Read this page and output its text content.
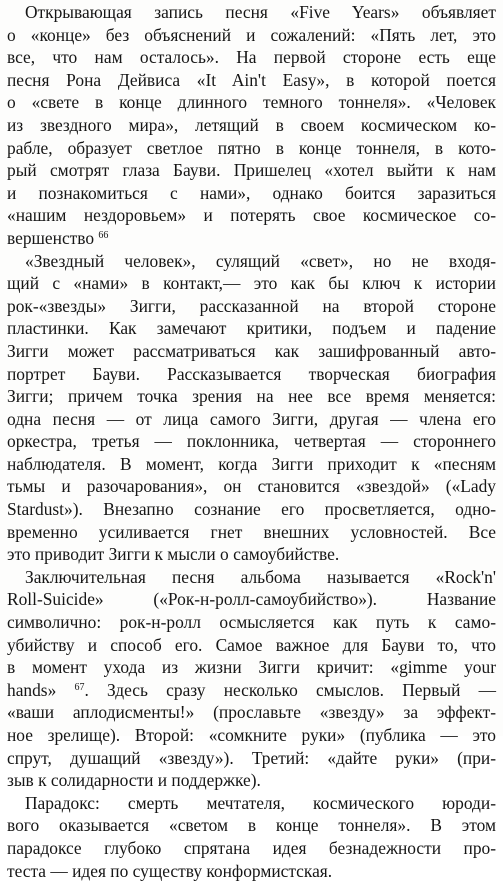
Открывающая запись песня «Five Years» объявляет
о «конце» без объяснений и сожалений: «Пять лет, это
все, что нам осталось». На первой стороне есть еще
песня Рона Дейвиса «It Ain't Easy», в которой поется
о «свете в конце длинного темного тоннеля». «Человек
из звездного мира», летящий в своем космическом ко-
рабле, образует светлое пятно в конце тоннеля, в кото-
рый смотрят глаза Бауви. Пришелец «хотел выйти к нам
и познакомиться с нами», однако боится заразиться
«нашим нездоровьем» и потерять свое космическое со-
вершенство $^{66}$
«Звездный человек», сулящий «свет», но не входя-
щий с «нами» в контакт,— это как бы ключ к истории
рок-«звезды» Зигги, рассказанной на второй стороне
пластинки. Как замечают критики, подъем и падение
Зигги может рассматриваться как зашифрованный авто-
портрет Бауви. Рассказывается творческая биография
Зигги; причем точка зрения на нее все время меняется:
одна песня — от лица самого Зигги, другая — члена его
оркестра, третья — поклонника, четвертая — стороннего
наблюдателя. В момент, когда Зигги приходит к «песням
тьмы и разочарования», он становится «звездой» («Lady
Stardust»). Внезапно сознание его просветляется, одно-
временно усиливается гнет внешних условностей. Все
это приводит Зигги к мысли о самоубийстве.
Заключительная песня альбома называется «Rock'n'
Roll-Suicide» («Рок-н-ролл-самоубийство»). Название
символично: рок-н-ролл осмысляется как путь к само-
убийству и способ его. Самое важное для Бауви то, что
в момент ухода из жизни Зигги кричит: «gimme your
hands» $^{67}$. Здесь сразу несколько смыслов. Первый —
«ваши аплодисменты!» (прославьте «звезду» за эффект-
ное зрелище). Второй: «сомкните руки» (публика — это
спрут, душащий «звезду»). Третий: «дайте руки» (при-
зыв к солидарности и поддержке).
Парадокс: смерть мечтателя, космического юроди-
вого оказывается «светом в конце тоннеля». В этом
парадоксе глубоко спрятана идея безнадежности про-
теста — идея по существу конформистская.
